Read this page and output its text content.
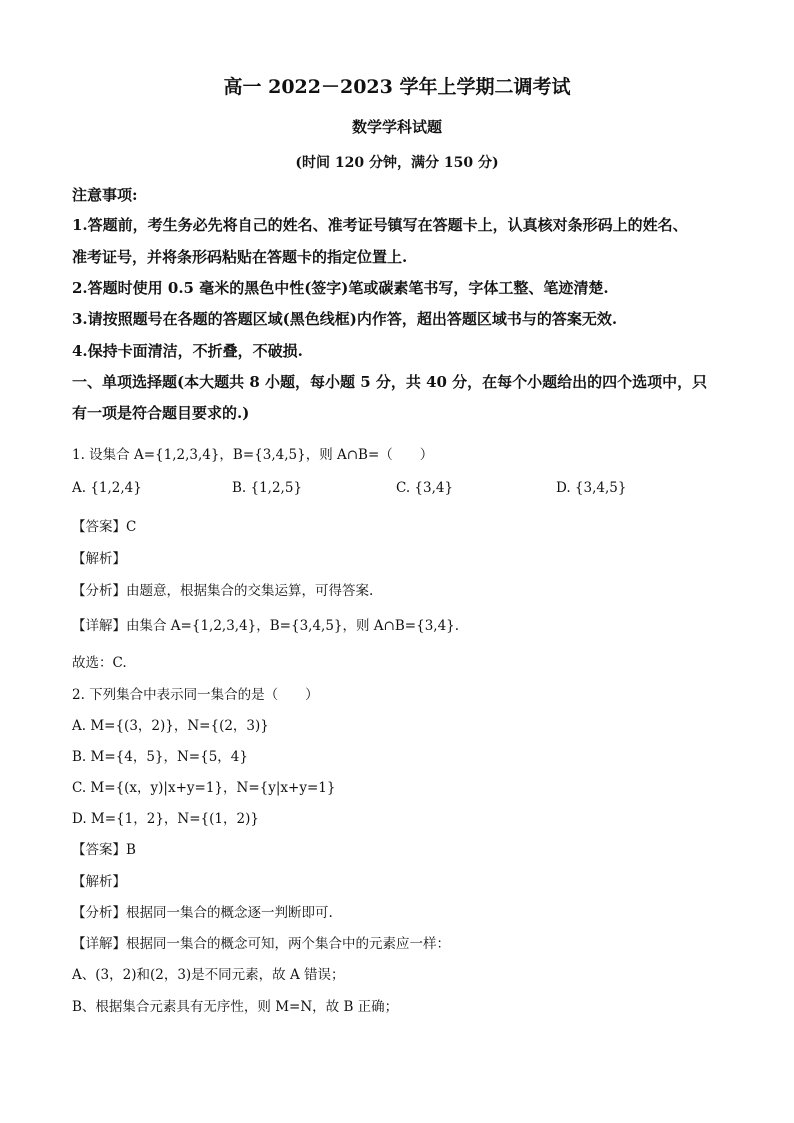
高一 2022－2023 学年上学期二调考试
数学学科试题
(时间 120 分钟，满分 150 分)
注意事项:
1.答题前，考生务必先将自己的姓名、准考证号镇写在答题卡上，认真核对条形码上的姓名、
准考证号，并将条形码粘贴在答题卡的指定位置上.
2.答题时使用 0.5 毫米的黑色中性(签字)笔或碳素笔书写，字体工整、笔迹清楚.
3.请按照题号在各题的答题区域(黑色线框)内作答，超出答题区域书与的答案无效.
4.保持卡面清洁，不折叠，不破损.
一、单项选择题(本大题共 8 小题，每小题 5 分，共 40 分，在每个小题给出的四个选项中，只
有一项是符合题目要求的.)
1. 设集合 A={1,2,3,4}，B={3,4,5}，则 A∩B=（　　）
A. {1,2,4}	B. {1,2,5}	C. {3,4}	D. {3,4,5}
【答案】C
【解析】
【分析】由题意，根据集合的交集运算，可得答案.
【详解】由集合 A={1,2,3,4}，B={3,4,5}，则 A∩B={3,4}.
故选：C.
2. 下列集合中表示同一集合的是（　　）
A. M={(3，2)}，N={(2，3)}
B. M={4，5}，N={5，4}
C. M={(x，y)|x+y=1}，N={y|x+y=1}
D. M={1，2}，N={(1，2)}
【答案】B
【解析】
【分析】根据同一集合的概念逐一判断即可.
【详解】根据同一集合的概念可知，两个集合中的元素应一样：
A、(3，2)和(2，3)是不同元素，故 A 错误；
B、根据集合元素具有无序性，则 M=N，故 B 正确；
